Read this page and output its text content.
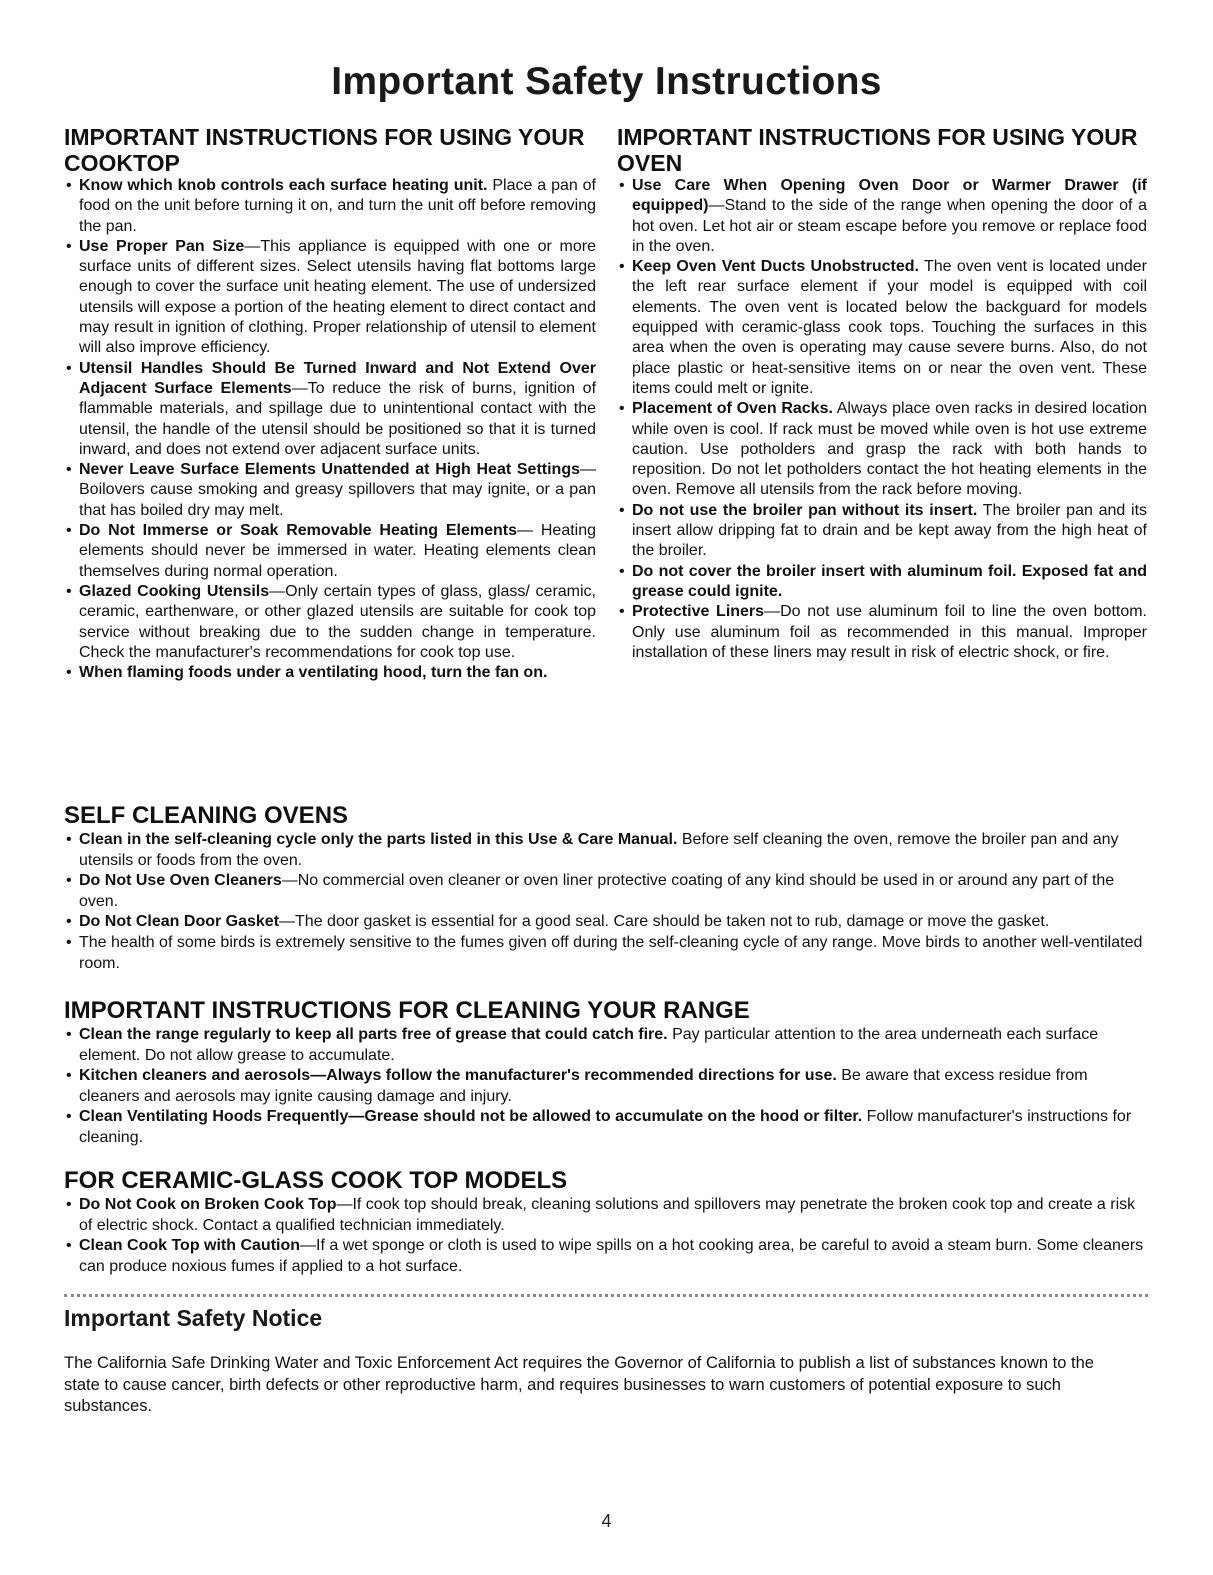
Important Safety Instructions
IMPORTANT INSTRUCTIONS FOR USING YOUR COOKTOP
• Know which knob controls each surface heating unit. Place a pan of food on the unit before turning it on, and turn the unit off before removing the pan.
• Use Proper Pan Size—This appliance is equipped with one or more surface units of different sizes. Select utensils having flat bottoms large enough to cover the surface unit heating element. The use of undersized utensils will expose a portion of the heating element to direct contact and may result in ignition of clothing. Proper relationship of utensil to element will also improve efficiency.
• Utensil Handles Should Be Turned Inward and Not Extend Over Adjacent Surface Elements—To reduce the risk of burns, ignition of flammable materials, and spillage due to unintentional contact with the utensil, the handle of the utensil should be positioned so that it is turned inward, and does not extend over adjacent surface units.
• Never Leave Surface Elements Unattended at High Heat Settings—Boilovers cause smoking and greasy spillovers that may ignite, or a pan that has boiled dry may melt.
• Do Not Immerse or Soak Removable Heating Elements— Heating elements should never be immersed in water. Heating elements clean themselves during normal operation.
• Glazed Cooking Utensils—Only certain types of glass, glass/ ceramic, ceramic, earthenware, or other glazed utensils are suitable for cook top service without breaking due to the sudden change in temperature. Check the manufacturer's recommendations for cook top use.
• When flaming foods under a ventilating hood, turn the fan on.
IMPORTANT INSTRUCTIONS FOR USING YOUR OVEN
• Use Care When Opening Oven Door or Warmer Drawer (if equipped)—Stand to the side of the range when opening the door of a hot oven. Let hot air or steam escape before you remove or replace food in the oven.
• Keep Oven Vent Ducts Unobstructed. The oven vent is located under the left rear surface element if your model is equipped with coil elements. The oven vent is located below the backguard for models equipped with ceramic-glass cook tops. Touching the surfaces in this area when the oven is operating may cause severe burns. Also, do not place plastic or heat-sensitive items on or near the oven vent. These items could melt or ignite.
• Placement of Oven Racks. Always place oven racks in desired location while oven is cool. If rack must be moved while oven is hot use extreme caution. Use potholders and grasp the rack with both hands to reposition. Do not let potholders contact the hot heating elements in the oven. Remove all utensils from the rack before moving.
• Do not use the broiler pan without its insert. The broiler pan and its insert allow dripping fat to drain and be kept away from the high heat of the broiler.
• Do not cover the broiler insert with aluminum foil. Exposed fat and grease could ignite.
• Protective Liners—Do not use aluminum foil to line the oven bottom. Only use aluminum foil as recommended in this manual. Improper installation of these liners may result in risk of electric shock, or fire.
SELF CLEANING OVENS
• Clean in the self-cleaning cycle only the parts listed in this Use & Care Manual. Before self cleaning the oven, remove the broiler pan and any utensils or foods from the oven.
• Do Not Use Oven Cleaners—No commercial oven cleaner or oven liner protective coating of any kind should be used in or around any part of the oven.
• Do Not Clean Door Gasket—The door gasket is essential for a good seal. Care should be taken not to rub, damage or move the gasket.
• The health of some birds is extremely sensitive to the fumes given off during the self-cleaning cycle of any range. Move birds to another well-ventilated room.
IMPORTANT INSTRUCTIONS FOR CLEANING YOUR RANGE
• Clean the range regularly to keep all parts free of grease that could catch fire. Pay particular attention to the area underneath each surface element. Do not allow grease to accumulate.
• Kitchen cleaners and aerosols—Always follow the manufacturer's recommended directions for use. Be aware that excess residue from cleaners and aerosols may ignite causing damage and injury.
• Clean Ventilating Hoods Frequently—Grease should not be allowed to accumulate on the hood or filter. Follow manufacturer's instructions for cleaning.
FOR CERAMIC-GLASS COOK TOP MODELS
• Do Not Cook on Broken Cook Top—If cook top should break, cleaning solutions and spillovers may penetrate the broken cook top and create a risk of electric shock. Contact a qualified technician immediately.
• Clean Cook Top with Caution—If a wet sponge or cloth is used to wipe spills on a hot cooking area, be careful to avoid a steam burn. Some cleaners can produce noxious fumes if applied to a hot surface.
Important Safety Notice
The California Safe Drinking Water and Toxic Enforcement Act requires the Governor of California to publish a list of substances known to the state to cause cancer, birth defects or other reproductive harm, and requires businesses to warn customers of potential exposure to such substances.
4
